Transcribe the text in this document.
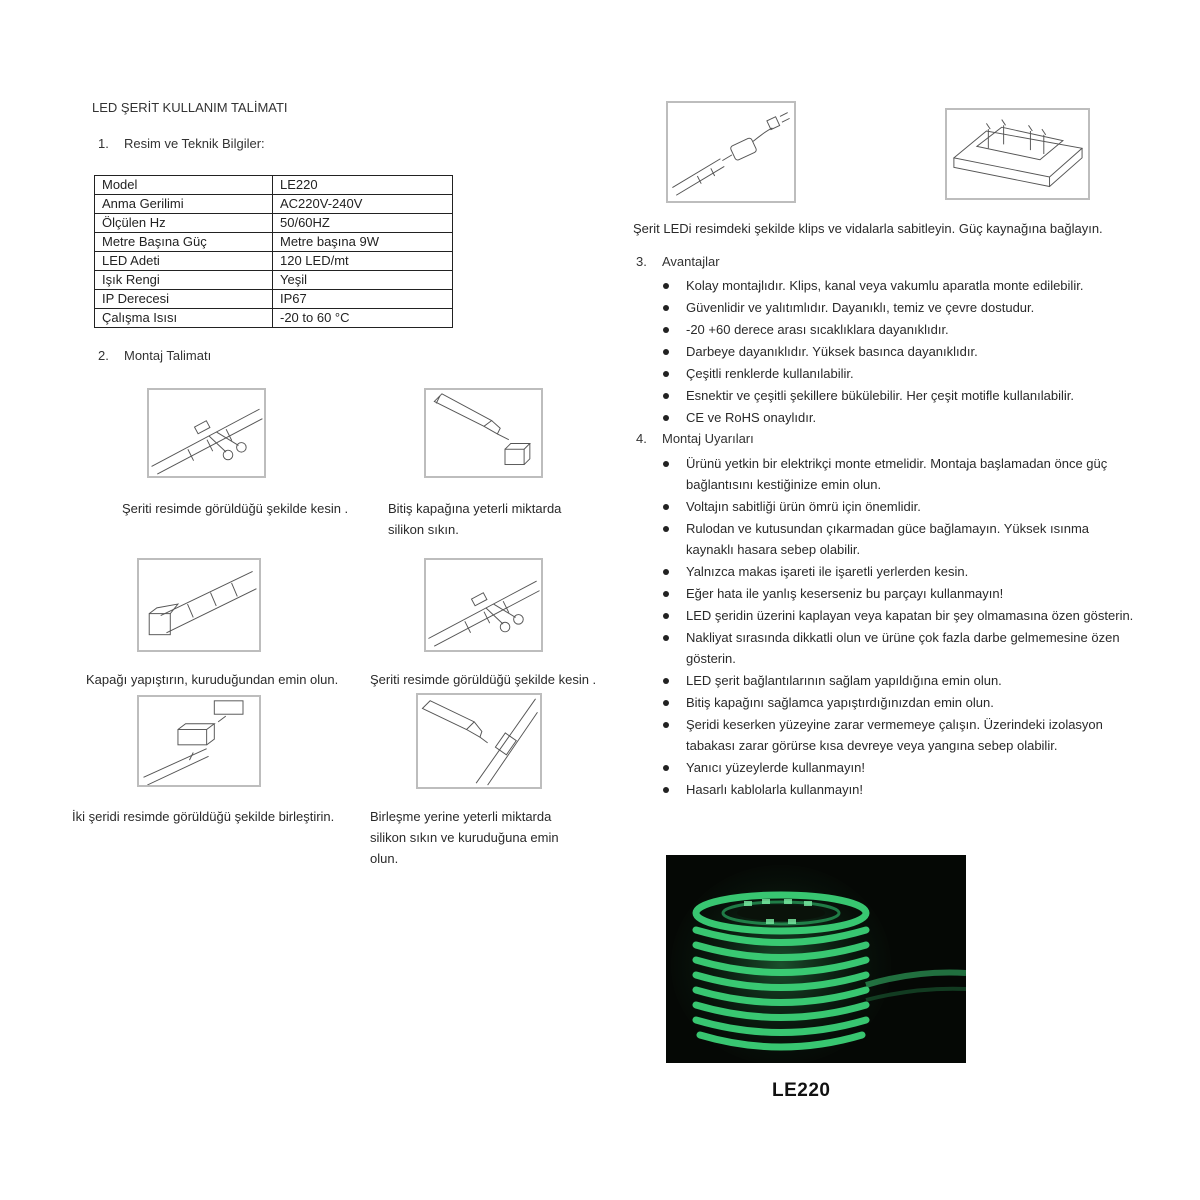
LED ŞERİT KULLANIM TALİMATI
1. Resim ve Teknik Bilgiler:
Model	LE220
Anma Gerilimi	AC220V-240V
Ölçülen Hz	50/60HZ
Metre Başına Güç	Metre başına 9W
LED Adeti	120 LED/mt
Işık Rengi	Yeşil
IP Derecesi	IP67
Çalışma Isısı	-20 to 60 °C
2. Montaj Talimatı
Şeriti resimde görüldüğü şekilde kesin .	Bitiş kapağına yeterli miktarda silikon sıkın.
Kapağı yapıştırın, kuruduğundan emin olun.	Şeriti resimde görüldüğü şekilde kesin .
İki şeridi resimde görüldüğü şekilde birleştirin.	Birleşme yerine yeterli miktarda silikon sıkın ve kuruduğuna emin olun.
Şerit LEDi resimdeki şekilde klips ve vidalarla sabitleyin. Güç kaynağına bağlayın.
3. Avantajlar
Kolay montajlıdır. Klips, kanal veya vakumlu aparatla monte edilebilir.
Güvenlidir ve yalıtımlıdır. Dayanıklı, temiz ve çevre dostudur.
-20 +60 derece arası sıcaklıklara dayanıklıdır.
Darbeye dayanıklıdır. Yüksek basınca dayanıklıdır.
Çeşitli renklerde kullanılabilir.
Esnektir ve çeşitli şekillere bükülebilir. Her çeşit motifle kullanılabilir.
CE ve RoHS onaylıdır.
4. Montaj Uyarıları
Ürünü yetkin bir elektrikçi monte etmelidir. Montaja başlamadan önce güç bağlantısını kestiğinize emin olun.
Voltajın sabitliği ürün ömrü için önemlidir.
Rulodan ve kutusundan çıkarmadan güce bağlamayın. Yüksek ısınma kaynaklı hasara sebep olabilir.
Yalnızca makas işareti ile işaretli yerlerden kesin.
Eğer hata ile yanlış keserseniz bu parçayı kullanmayın!
LED şeridin üzerini kaplayan veya kapatan bir şey olmamasına özen gösterin.
Nakliyat sırasında dikkatli olun ve ürüne çok fazla darbe gelmemesine özen gösterin.
LED şerit bağlantılarının sağlam yapıldığına emin olun.
Bitiş kapağını sağlamca yapıştırdığınızdan emin olun.
Şeridi keserken yüzeyine zarar vermemeye çalışın. Üzerindeki izolasyon tabakası zarar görürse kısa devreye veya yangına sebep olabilir.
Yanıcı yüzeylerde kullanmayın!
Hasarlı kablolarla kullanmayın!
LE220
